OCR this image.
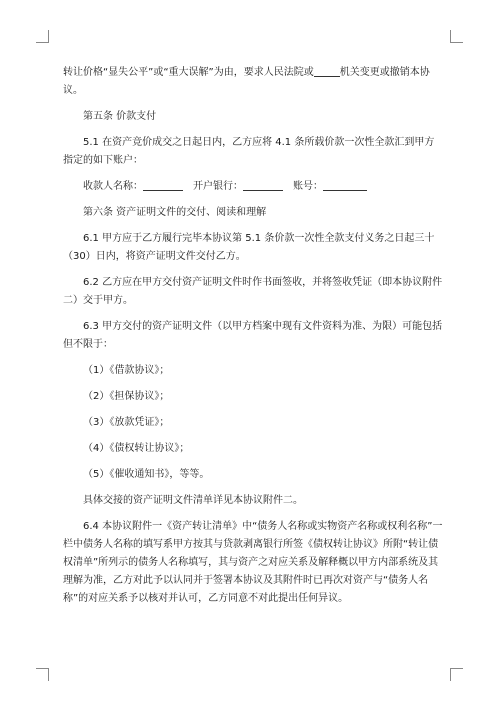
转让价格“显失公平”或“重大误解”为由，要求人民法院或	机关变更或撤销本协议。

第五条 价款支付

5.1 在资产竞价成交之日起日内，乙方应将 4.1 条所载价款一次性全款汇到甲方指定的如下账户：

收款人名称：	开户银行：	账号：

第六条 资产证明文件的交付、阅读和理解

6.1 甲方应于乙方履行完毕本协议第 5.1 条价款一次性全款支付义务之日起三十（30）日内，将资产证明文件交付乙方。

6.2 乙方应在甲方交付资产证明文件时作书面签收，并将签收凭证（即本协议附件二）交于甲方。

6.3 甲方交付的资产证明文件（以甲方档案中现有文件资料为准、为限）可能包括但不限于：

（1）《借款协议》；

（2）《担保协议》；

（3）《放款凭证》；

（4）《债权转让协议》；

（5）《催收通知书》，等等。

具体交接的资产证明文件清单详见本协议附件二。

6.4 本协议附件一《资产转让清单》中“债务人名称或实物资产名称或权利名称”一栏中债务人名称的填写系甲方按其与贷款剥离银行所签《债权转让协议》所附“转让债权清单”所列示的债务人名称填写，其与资产之对应关系及解释概以甲方内部系统及其理解为准，乙方对此予以认同并于签署本协议及其附件时已再次对资产与“债务人名称”的对应关系予以核对并认可，乙方同意不对此提出任何异议。
